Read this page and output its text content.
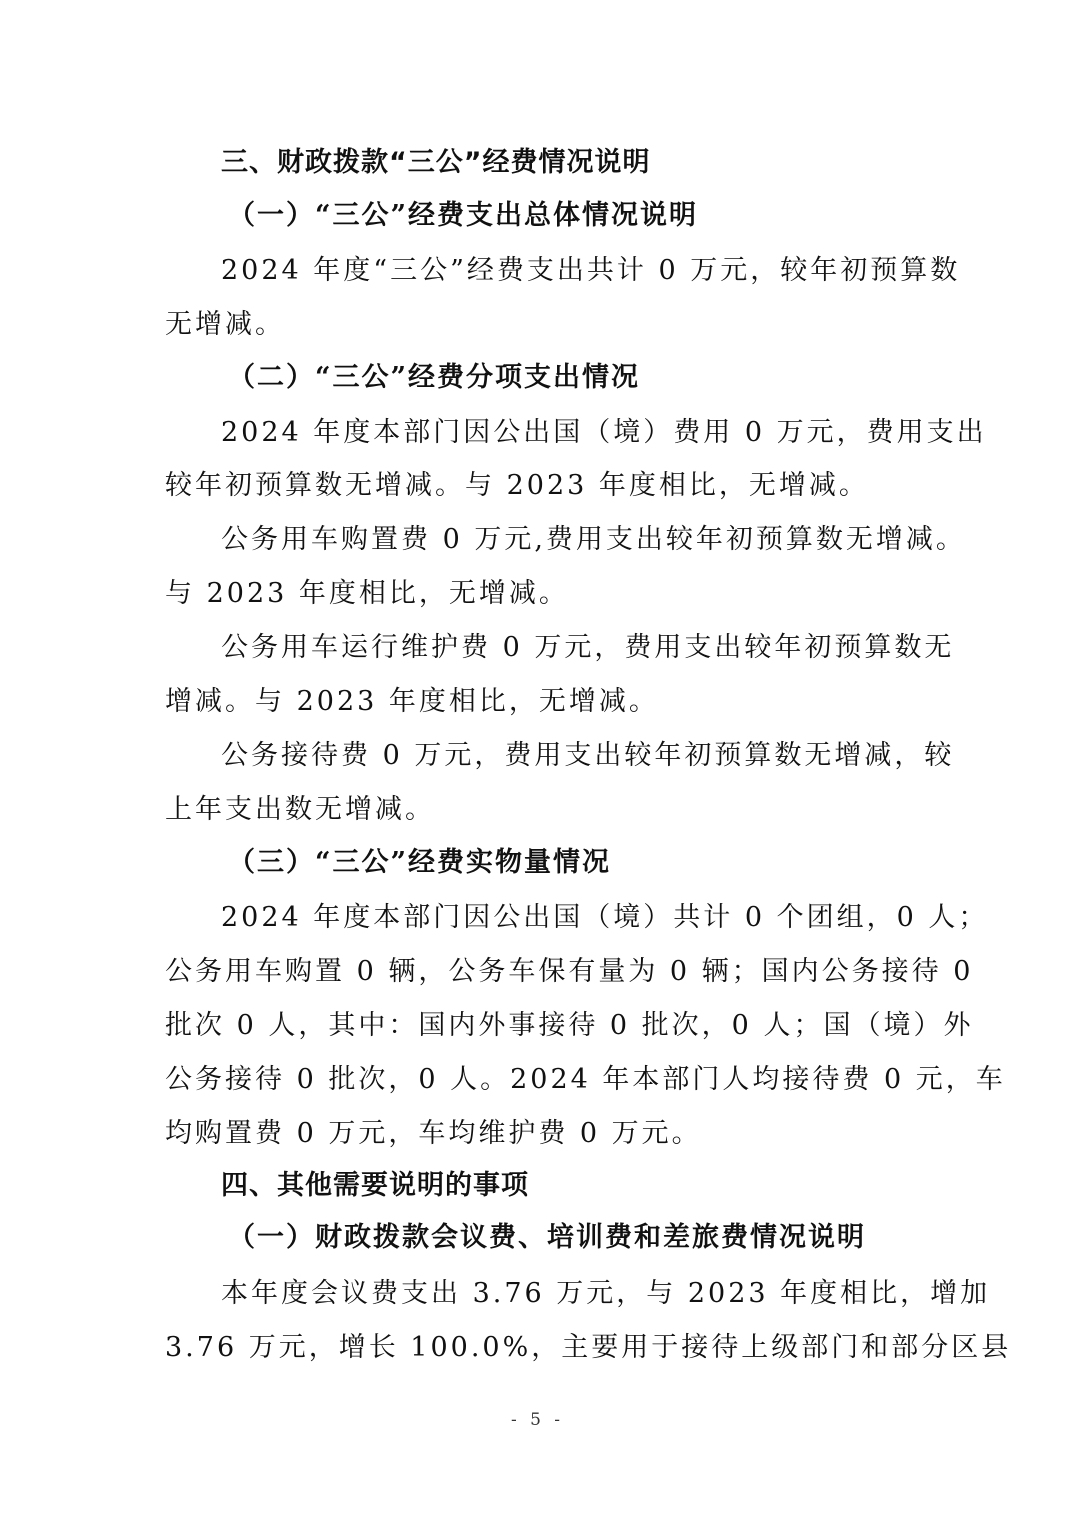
三、财政拨款“三公”经费情况说明
（一）“三公”经费支出总体情况说明
2024 年度“三公”经费支出共计 0 万元，较年初预算数
无增减。
（二）“三公”经费分项支出情况
2024 年度本部门因公出国（境）费用 0 万元，费用支出
较年初预算数无增减。与 2023 年度相比，无增减。
公务用车购置费 0 万元,费用支出较年初预算数无增减。
与 2023 年度相比，无增减。
公务用车运行维护费 0 万元，费用支出较年初预算数无
增减。与 2023 年度相比，无增减。
公务接待费 0 万元，费用支出较年初预算数无增减，较
上年支出数无增减。
（三）“三公”经费实物量情况
2024 年度本部门因公出国（境）共计 0 个团组，0 人；
公务用车购置 0 辆，公务车保有量为 0 辆；国内公务接待 0
批次 0 人，其中：国内外事接待 0 批次，0 人；国（境）外
公务接待 0 批次，0 人。2024 年本部门人均接待费 0 元，车
均购置费 0 万元，车均维护费 0 万元。
四、其他需要说明的事项
（一）财政拨款会议费、培训费和差旅费情况说明
本年度会议费支出 3.76 万元，与 2023 年度相比，增加
3.76 万元，增长 100.0%，主要用于接待上级部门和部分区县
- 5 -
